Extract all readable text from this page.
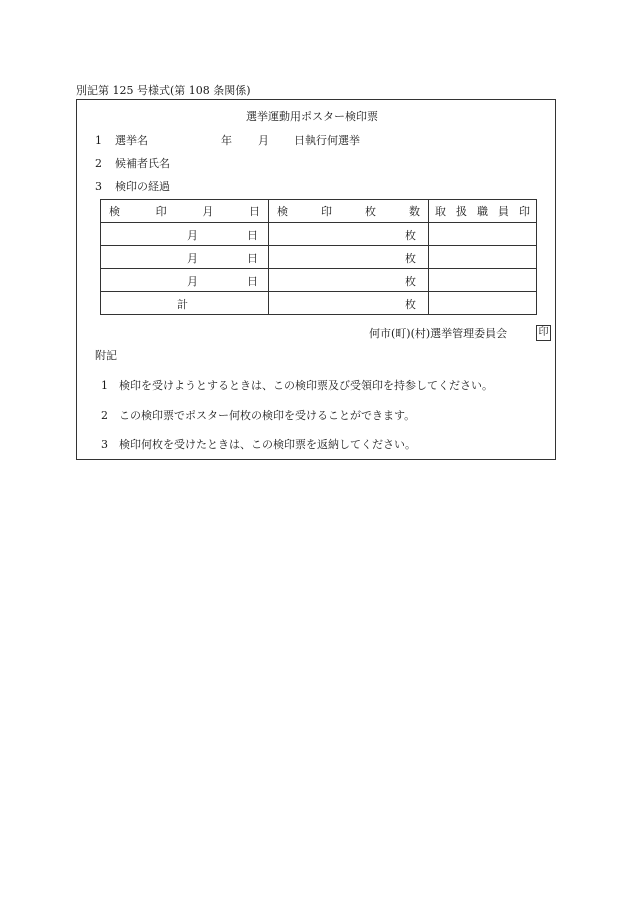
別記第 125 号様式(第 108 条関係)
選挙運動用ポスター検印票
1 選挙名	年 月 日執行何選挙
2 候補者氏名
3 検印の経過
検 印 月 日	検 印 枚 数	取 扱 職 員 印

月 日	枚	

月 日	枚	

月 日	枚	

計	枚	

何市(町)(村)選挙管理委員会	印
附記
1 検印を受けようとするときは、この検印票及び受領印を持参してください。
2 この検印票でポスター何枚の検印を受けることができます。
3 検印何枚を受けたときは、この検印票を返納してください。
